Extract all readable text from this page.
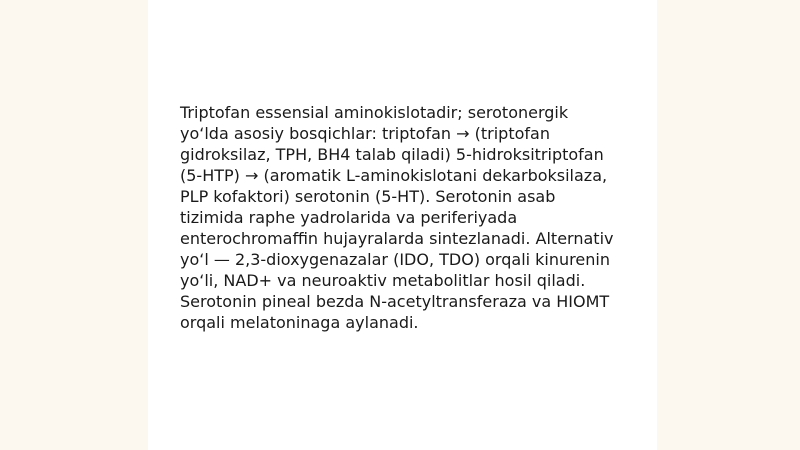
Triptofan essensial aminokislotadir; serotonergik
yo‘lda asosiy bosqichlar: triptofan → (triptofan
gidroksilaz, TPH, BH4 talab qiladi) 5-hidroksitriptofan
(5-HTP) → (aromatik L-aminokislotani dekarboksilaza,
PLP kofaktori) serotonin (5-HT). Serotonin asab
tizimida raphe yadrolarida va periferiyada
enterochromaffin hujayralarda sintezlanadi. Alternativ
yo‘l — 2,3-dioxygenazalar (IDO, TDO) orqali kinurenin
yo‘li, NAD+ va neuroaktiv metabolitlar hosil qiladi.
Serotonin pineal bezda N-acetyltransferaza va HIOMT
orqali melatoninaga aylanadi.
